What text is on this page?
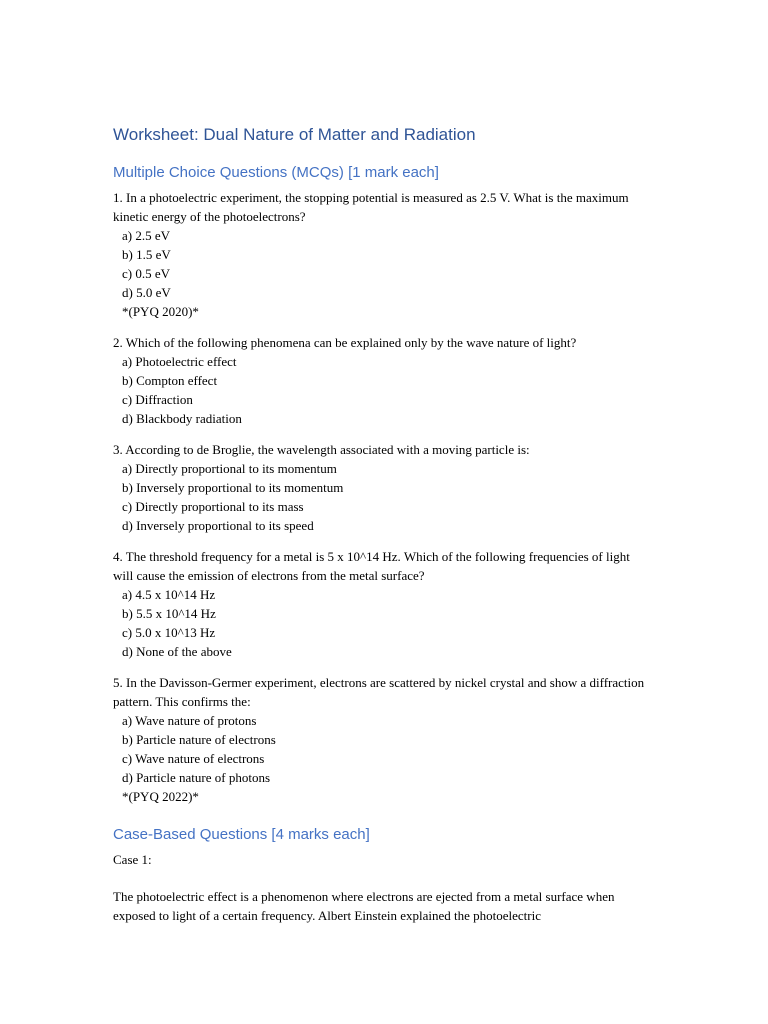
Worksheet: Dual Nature of Matter and Radiation
Multiple Choice Questions (MCQs) [1 mark each]

1. In a photoelectric experiment, the stopping potential is measured as 2.5 V. What is the maximum kinetic energy of the photoelectrons?

a) 2.5 eV

b) 1.5 eV

c) 0.5 eV

d) 5.0 eV

*(PYQ 2020)*

2. Which of the following phenomena can be explained only by the wave nature of light?

a) Photoelectric effect

b) Compton effect

c) Diffraction

d) Blackbody radiation

3. According to de Broglie, the wavelength associated with a moving particle is:

a) Directly proportional to its momentum

b) Inversely proportional to its momentum

c) Directly proportional to its mass

d) Inversely proportional to its speed

4. The threshold frequency for a metal is 5 x 10^14 Hz. Which of the following frequencies of light will cause the emission of electrons from the metal surface?

a) 4.5 x 10^14 Hz

b) 5.5 x 10^14 Hz

c) 5.0 x 10^13 Hz

d) None of the above

5. In the Davisson-Germer experiment, electrons are scattered by nickel crystal and show a diffraction pattern. This confirms the:

a) Wave nature of protons

b) Particle nature of electrons

c) Wave nature of electrons

d) Particle nature of photons

*(PYQ 2022)*

Case-Based Questions [4 marks each]

Case 1:

The photoelectric effect is a phenomenon where electrons are ejected from a metal surface when exposed to light of a certain frequency. Albert Einstein explained the photoelectric
